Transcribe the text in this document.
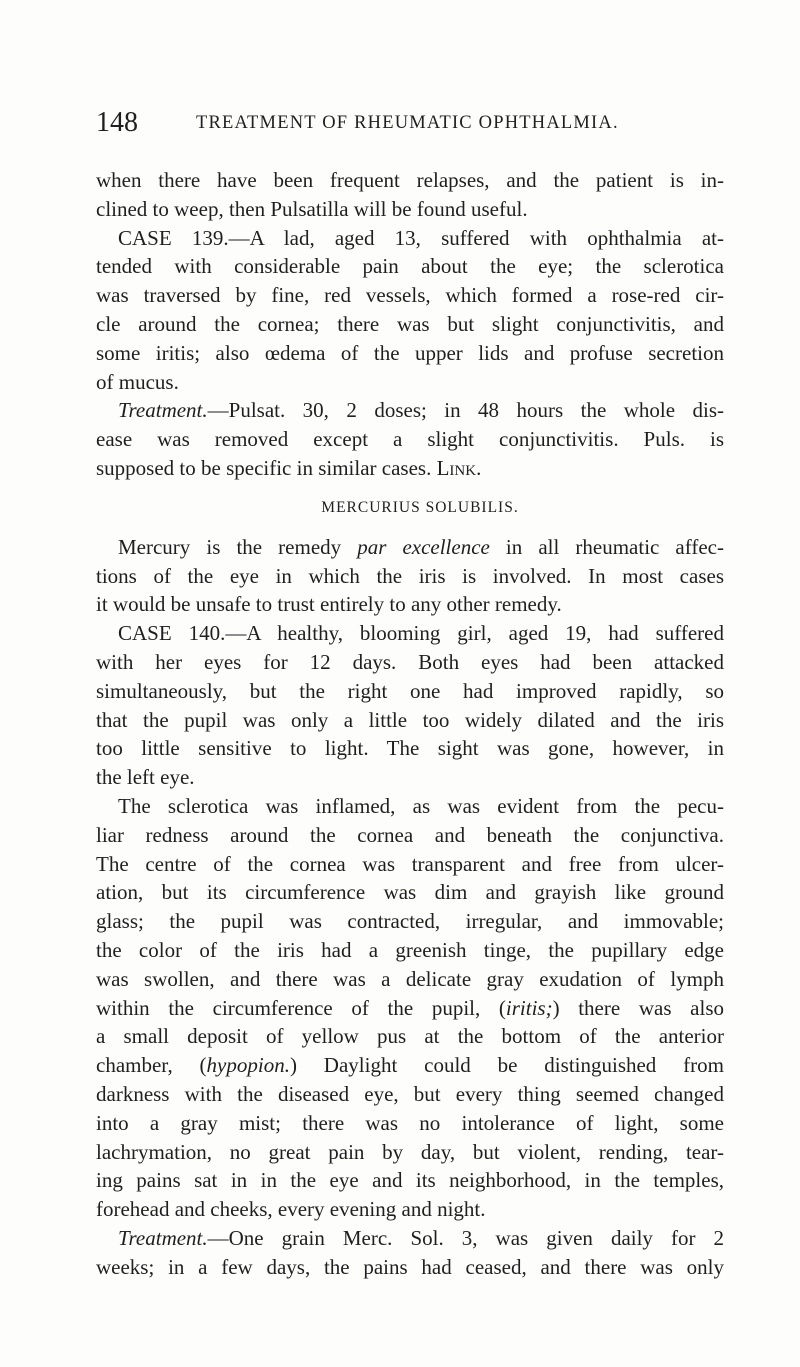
148	TREATMENT OF RHEUMATIC OPHTHALMIA.
when there have been frequent relapses, and the patient is in-
clined to weep, then Pulsatilla will be found useful.
CASE 139.—A lad, aged 13, suffered with ophthalmia at-
tended with considerable pain about the eye; the sclerotica
was traversed by fine, red vessels, which formed a rose-red cir-
cle around the cornea; there was but slight conjunctivitis, and
some iritis; also œdema of the upper lids and profuse secretion
of mucus.
Treatment.—Pulsat. 30, 2 doses; in 48 hours the whole dis-
ease was removed except a slight conjunctivitis. Puls. is
supposed to be specific in similar cases. Link.
MERCURIUS SOLUBILIS.
Mercury is the remedy par excellence in all rheumatic affec-
tions of the eye in which the iris is involved. In most cases
it would be unsafe to trust entirely to any other remedy.
CASE 140.—A healthy, blooming girl, aged 19, had suffered
with her eyes for 12 days. Both eyes had been attacked
simultaneously, but the right one had improved rapidly, so
that the pupil was only a little too widely dilated and the iris
too little sensitive to light. The sight was gone, however, in
the left eye.
The sclerotica was inflamed, as was evident from the pecu-
liar redness around the cornea and beneath the conjunctiva.
The centre of the cornea was transparent and free from ulcer-
ation, but its circumference was dim and grayish like ground
glass; the pupil was contracted, irregular, and immovable;
the color of the iris had a greenish tinge, the pupillary edge
was swollen, and there was a delicate gray exudation of lymph
within the circumference of the pupil, (iritis;) there was also
a small deposit of yellow pus at the bottom of the anterior
chamber, (hypopion.) Daylight could be distinguished from
darkness with the diseased eye, but every thing seemed changed
into a gray mist; there was no intolerance of light, some
lachrymation, no great pain by day, but violent, rending, tear-
ing pains sat in in the eye and its neighborhood, in the temples,
forehead and cheeks, every evening and night.
Treatment.—One grain Merc. Sol. 3, was given daily for 2
weeks; in a few days, the pains had ceased, and there was only
